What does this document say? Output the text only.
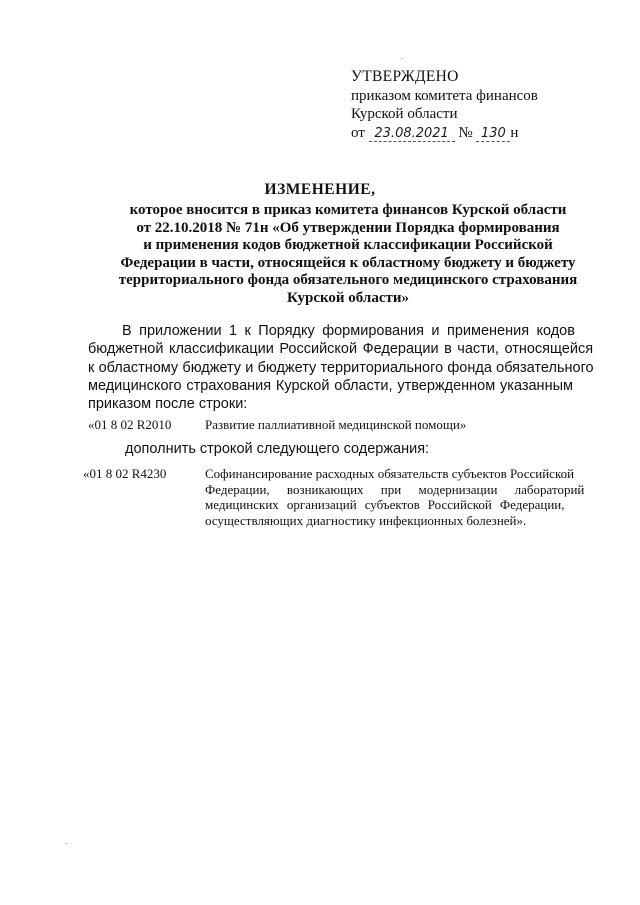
УТВЕРЖДЕНО
приказом комитета финансов
Курской области
от 23.08.2021 № 130 н
ИЗМЕНЕНИЕ,
которое вносится в приказ комитета финансов Курской области
от 22.10.2018 № 71н «Об утверждении Порядка формирования
и применения кодов бюджетной классификации Российской
Федерации в части, относящейся к областному бюджету и бюджету
территориального фонда обязательного медицинского страхования
Курской области»
В приложении 1 к Порядку формирования и применения кодов
бюджетной классификации Российской Федерации в части, относящейся
к областному бюджету и бюджету территориального фонда обязательного
медицинского страхования Курской области, утвержденном указанным
приказом после строки:
«01 8 02 R2010	Развитие паллиативной медицинской помощи»
дополнить строкой следующего содержания:
«01 8 02 R4230	Софинансирование расходных обязательств субъектов Российской
Федерации, возникающих при модернизации лабораторий
медицинских организаций субъектов Российской Федерации,
осуществляющих диагностику инфекционных болезней».
